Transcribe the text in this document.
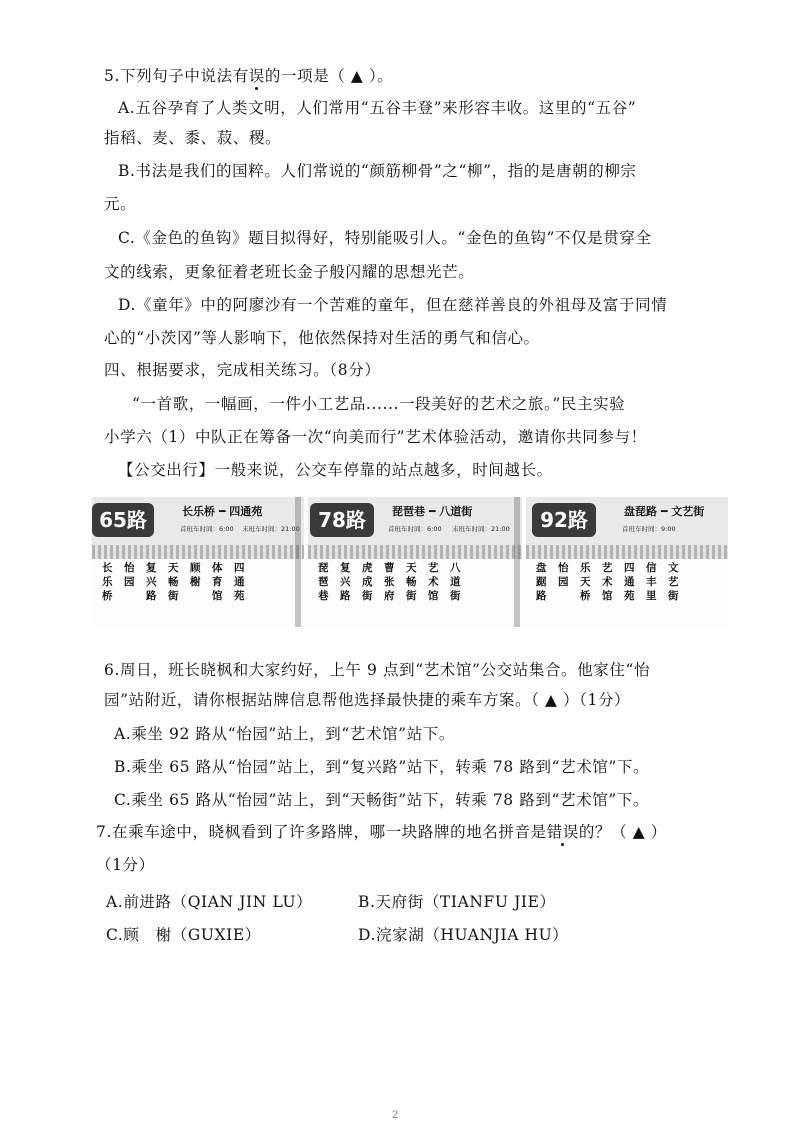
5.下列句子中说法有误的一项是（ ▲ ）。
A.五谷孕育了人类文明，人们常用“五谷丰登”来形容丰收。这里的“五谷”
指稻、麦、黍、菽、稷。
B.书法是我们的国粹。人们常说的“颜筋柳骨”之“柳”，指的是唐朝的柳宗
元。
C.《金色的鱼钩》题目拟得好，特别能吸引人。“金色的鱼钩”不仅是贯穿全
文的线索，更象征着老班长金子般闪耀的思想光芒。
D.《童年》中的阿廖沙有一个苦难的童年，但在慈祥善良的外祖母及富于同情
心的“小茨冈”等人影响下，他依然保持对生活的勇气和信心。
四、根据要求，完成相关练习。（8分）
“一首歌，一幅画，一件小工艺品......一段美好的艺术之旅。”民主实验
小学六（1）中队正在筹备一次“向美而行”艺术体验活动，邀请你共同参与！
【公交出行】一般来说，公交车停靠的站点越多，时间越长。
65路	长乐桥 ━ 四通苑
首班车时间：6:00 末班车时间：21:00
长乐桥
怡园
复兴路
天畅街
顾榭
体育馆
四通苑
78路	琵琶巷 ━ 八道街
首班车时间：6:00 末班车时间：21:00
琵琶巷
复兴路
虎成街
曹张府
天畅街
艺术馆
八道街
92路	盘琵路 ━ 文艺街
首班车时间：9:00
盘踞路
怡园
乐天桥
艺术馆
四通苑
信丰里
文艺街
6.周日，班长晓枫和大家约好，上午 9 点到“艺术馆”公交站集合。他家住“怡
园”站附近，请你根据站牌信息帮他选择最快捷的乘车方案。（ ▲ ）（1分）
A.乘坐 92 路从“怡园”站上，到“艺术馆”站下。
B.乘坐 65 路从“怡园”站上，到“复兴路”站下，转乘 78 路到“艺术馆”下。
C.乘坐 65 路从“怡园”站上，到“天畅街”站下，转乘 78 路到“艺术馆”下。
7.在乘车途中，晓枫看到了许多路牌，哪一块路牌的地名拼音是错误的？（ ▲ ）
（1分）
A.前进路（QIAN JIN LU）	B.天府街（TIANFU JIE）
C.顾　榭（GUXIE）	D.浣家湖（HUANJIA HU）
2
